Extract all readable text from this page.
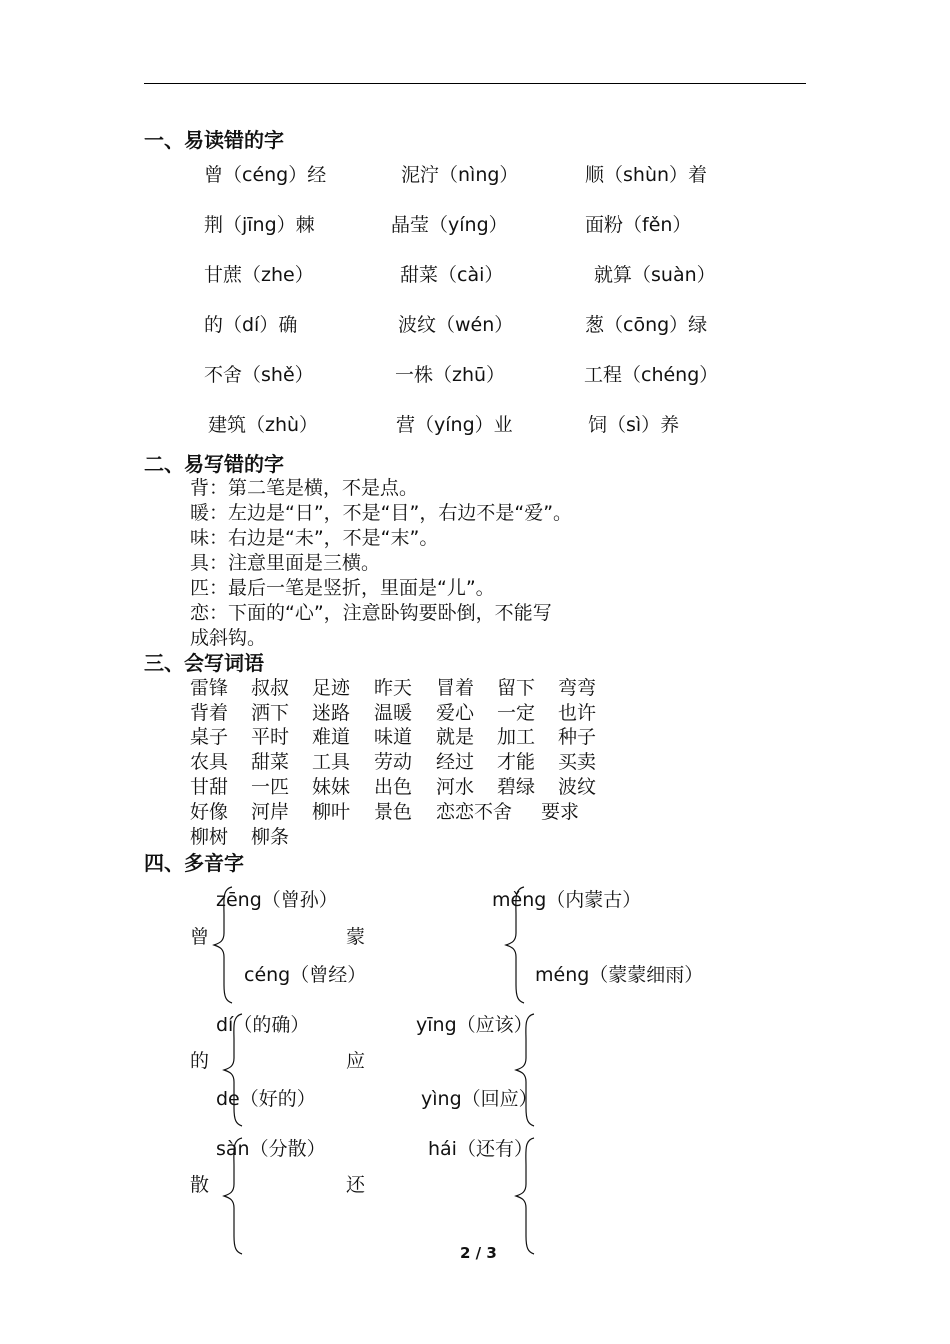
一、易读错的字
曾（céng）经	泥泞（nìng）	顺（shùn）着
荆（jīng）棘	晶莹（yíng）	面粉（fěn）
甘蔗（zhe）	甜菜（cài）	就算（suàn）
的（dí）确	波纹（wén）	葱（cōng）绿
不舍（shě）	一株（zhū）	工程（chéng）
建筑（zhù）	营（yíng）业	饲（sì）养
二、易写错的字
背：第二笔是横，不是点。
暖：左边是“日”，不是“目”，右边不是“爱”。
味：右边是“未”，不是“末”。
具：注意里面是三横。
匹：最后一笔是竖折，里面是“儿”。
恋：下面的“心”，注意卧钩要卧倒，不能写
成斜钩。
三、会写词语
雷锋 叔叔 足迹 昨天 冒着 留下 弯弯
背着 洒下 迷路 温暖 爱心 一定 也许
桌子 平时 难道 味道 就是 加工 种子
农具 甜菜 工具 劳动 经过 才能 买卖
甘甜 一匹 妹妹 出色 河水 碧绿 波纹
好像 河岸 柳叶 景色 恋恋不舍 要求
柳树 柳条
四、多音字
曾
zēng（曾孙）
céng（曾经）
蒙
měng（内蒙古）
méng（蒙蒙细雨）
的
dí（的确）
de（好的）
应
yīng（应该）
yìng（回应）
散
sàn（分散）
还
hái（还有）
2 / 3
